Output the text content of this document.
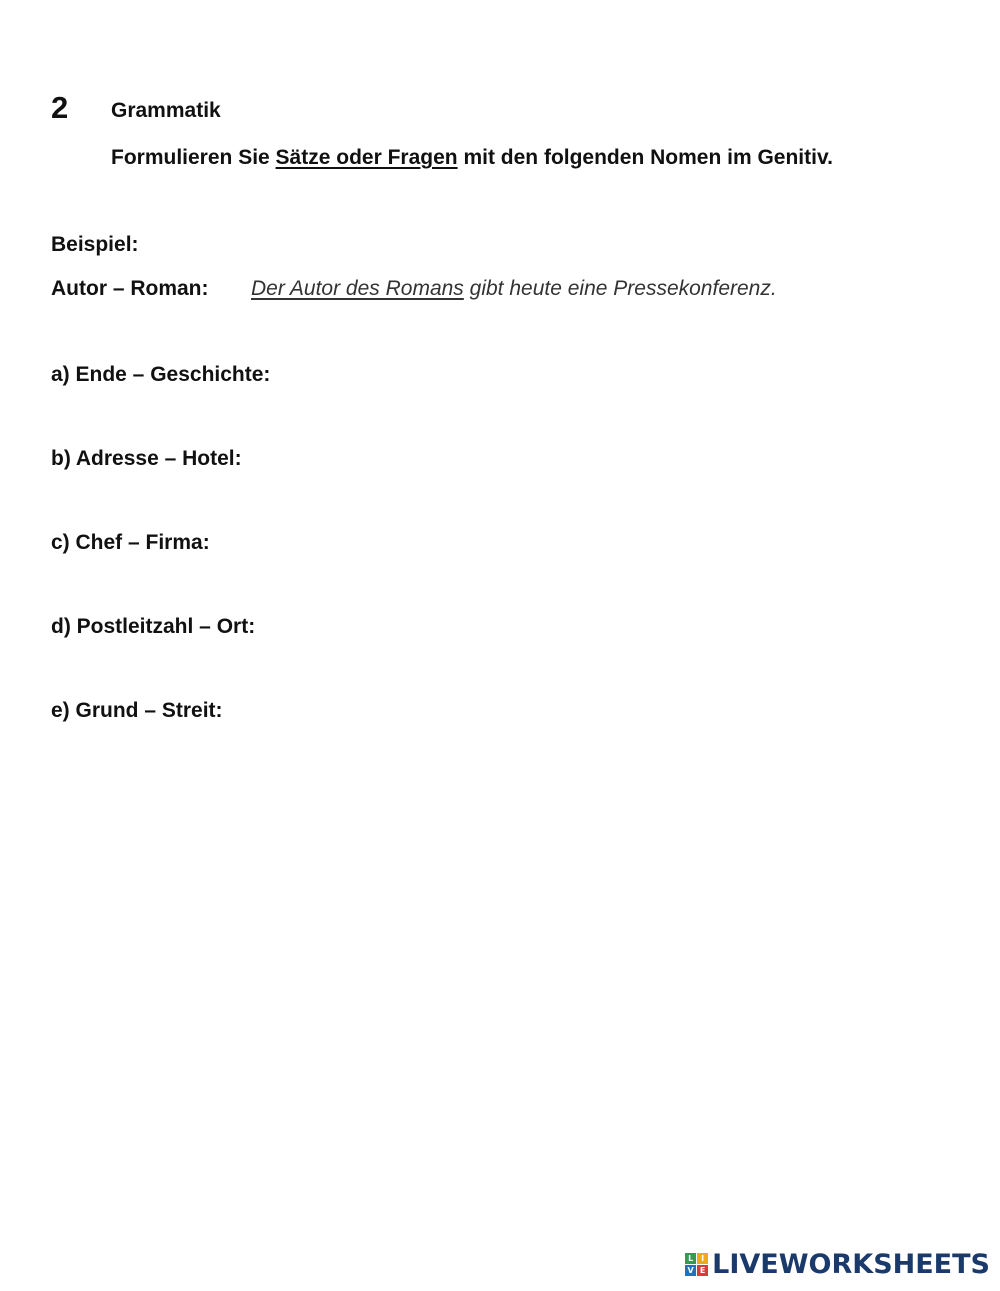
2 Grammatik
Formulieren Sie Sätze oder Fragen mit den folgenden Nomen im Genitiv.
Beispiel:
Autor – Roman: Der Autor des Romans gibt heute eine Pressekonferenz.
a) Ende – Geschichte:
b) Adresse – Hotel:
c) Chef – Firma:
d) Postleitzahl – Ort:
e) Grund – Streit:
L I
V E LIVEWORKSHEETS
